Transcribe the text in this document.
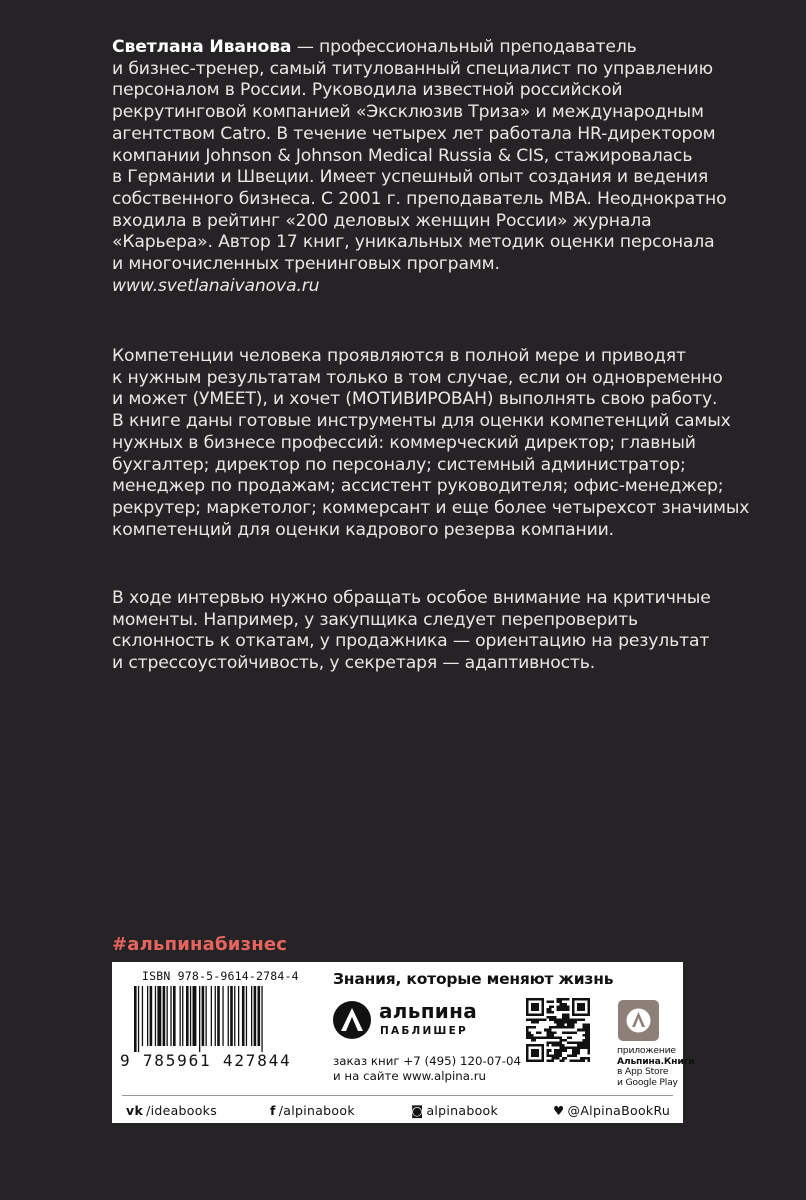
Светлана Иванова — профессиональный преподаватель
и бизнес-тренер, самый титулованный специалист по управлению
персоналом в России. Руководила известной российской
рекрутинговой компанией «Эксклюзив Триза» и международным
агентством Catro. В течение четырех лет работала HR-директором
компании Johnson & Johnson Medical Russia & CIS, стажировалась
в Германии и Швеции. Имеет успешный опыт создания и ведения
собственного бизнеса. С 2001 г. преподаватель MBA. Неоднократно
входила в рейтинг «200 деловых женщин России» журнала
«Карьера». Автор 17 книг, уникальных методик оценки персонала
и многочисленных тренинговых программ.
www.svetlanaivanova.ru
Компетенции человека проявляются в полной мере и приводят
к нужным результатам только в том случае, если он одновременно
и может (УМЕЕТ), и хочет (МОТИВИРОВАН) выполнять свою работу.
В книге даны готовые инструменты для оценки компетенций самых
нужных в бизнесе профессий: коммерческий директор; главный
бухгалтер; директор по персоналу; системный администратор;
менеджер по продажам; ассистент руководителя; офис-менеджер;
рекрутер; маркетолог; коммерсант и еще более четырехсот значимых
компетенций для оценки кадрового резерва компании.
В ходе интервью нужно обращать особое внимание на критичные
моменты. Например, у закупщика следует перепроверить
склонность к откатам, у продажника — ориентацию на результат
и стрессоустойчивость, у секретаря — адаптивность.
#альпинабизнес
ISBN 978-5-9614-2784-4
9 785961 427844
Знания, которые меняют жизнь
альпина
ПАБЛИШЕР
заказ книг +7 (495) 120-07-04
и на сайте www.alpina.ru
приложение
Альпина.Книги
в App Store
и Google Play
vk /ideabooks	f /alpinabook	◙ alpinabook	♥ @AlpinaBookRu
